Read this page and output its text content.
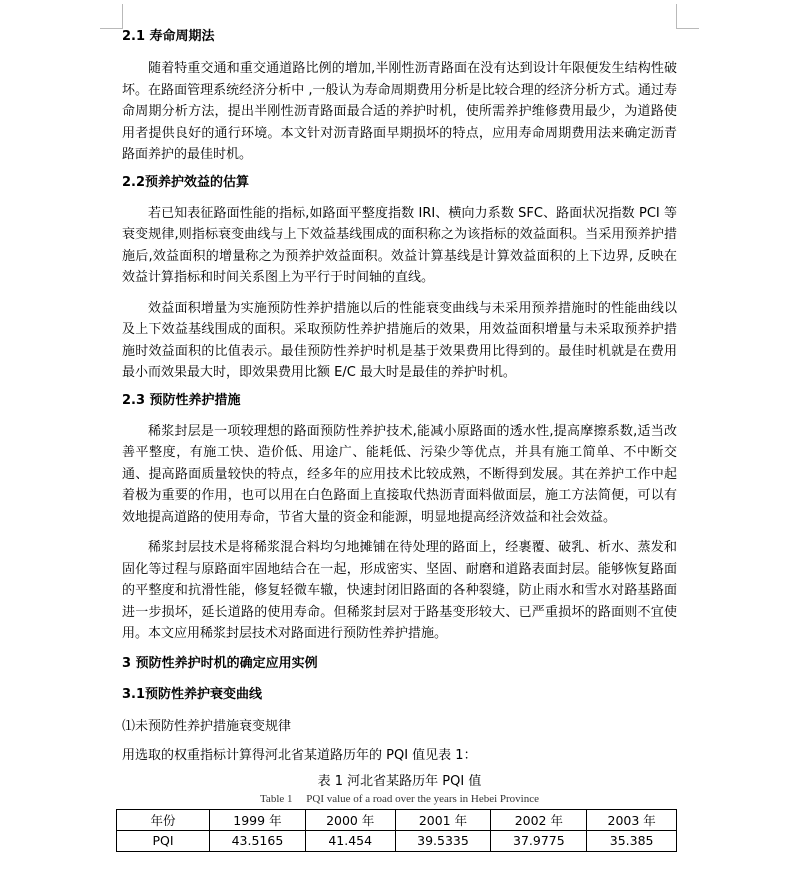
2.1 寿命周期法

随着特重交通和重交通道路比例的增加,半刚性沥青路面在没有达到设计年限便发生结构性破坏。在路面管理系统经济分析中 ,一般认为寿命周期费用分析是比较合理的经济分析方式。通过寿命周期分析方法，提出半刚性沥青路面最合适的养护时机，使所需养护维修费用最少，为道路使用者提供良好的通行环境。本文针对沥青路面早期损坏的特点，应用寿命周期费用法来确定沥青路面养护的最佳时机。

2.2预养护效益的估算

若已知表征路面性能的指标,如路面平整度指数 IRI、横向力系数 SFC、路面状况指数 PCI 等衰变规律,则指标衰变曲线与上下效益基线围成的面积称之为该指标的效益面积。当采用预养护措施后,效益面积的增量称之为预养护效益面积。效益计算基线是计算效益面积的上下边界, 反映在效益计算指标和时间关系图上为平行于时间轴的直线。

效益面积增量为实施预防性养护措施以后的性能衰变曲线与未采用预养措施时的性能曲线以及上下效益基线围成的面积。采取预防性养护措施后的效果，用效益面积增量与未采取预养护措施时效益面积的比值表示。最佳预防性养护时机是基于效果费用比得到的。最佳时机就是在费用最小而效果最大时，即效果费用比额 E/C 最大时是最佳的养护时机。

2.3 预防性养护措施

稀浆封层是一项较理想的路面预防性养护技术,能减小原路面的透水性,提高摩擦系数,适当改善平整度，有施工快、造价低、用途广、能耗低、污染少等优点，并具有施工简单、不中断交通、提高路面质量较快的特点，经多年的应用技术比较成熟，不断得到发展。其在养护工作中起着极为重要的作用，也可以用在白色路面上直接取代热沥青面料做面层，施工方法简便，可以有效地提高道路的使用寿命，节省大量的资金和能源，明显地提高经济效益和社会效益。

稀浆封层技术是将稀浆混合料均匀地摊铺在待处理的路面上，经裹覆、破乳、析水、蒸发和固化等过程与原路面牢固地结合在一起，形成密实、坚固、耐磨和道路表面封层。能够恢复路面的平整度和抗滑性能，修复轻微车辙，快速封闭旧路面的各种裂缝，防止雨水和雪水对路基路面进一步损坏，延长道路的使用寿命。但稀浆封层对于路基变形较大、已严重损坏的路面则不宜使用。本文应用稀浆封层技术对路面进行预防性养护措施。

3 预防性养护时机的确定应用实例
3.1预防性养护衰变曲线

⑴未预防性养护措施衰变规律

用选取的权重指标计算得河北省某道路历年的 PQI 值见表 1：

表 1 河北省某路历年 PQI 值

Table 1     PQI value of a road over the years in Hebei Province

年份	1999 年	2000 年	2001 年	2002 年	2003 年
PQI	43.5165	41.454	39.5335	37.9775	35.385
